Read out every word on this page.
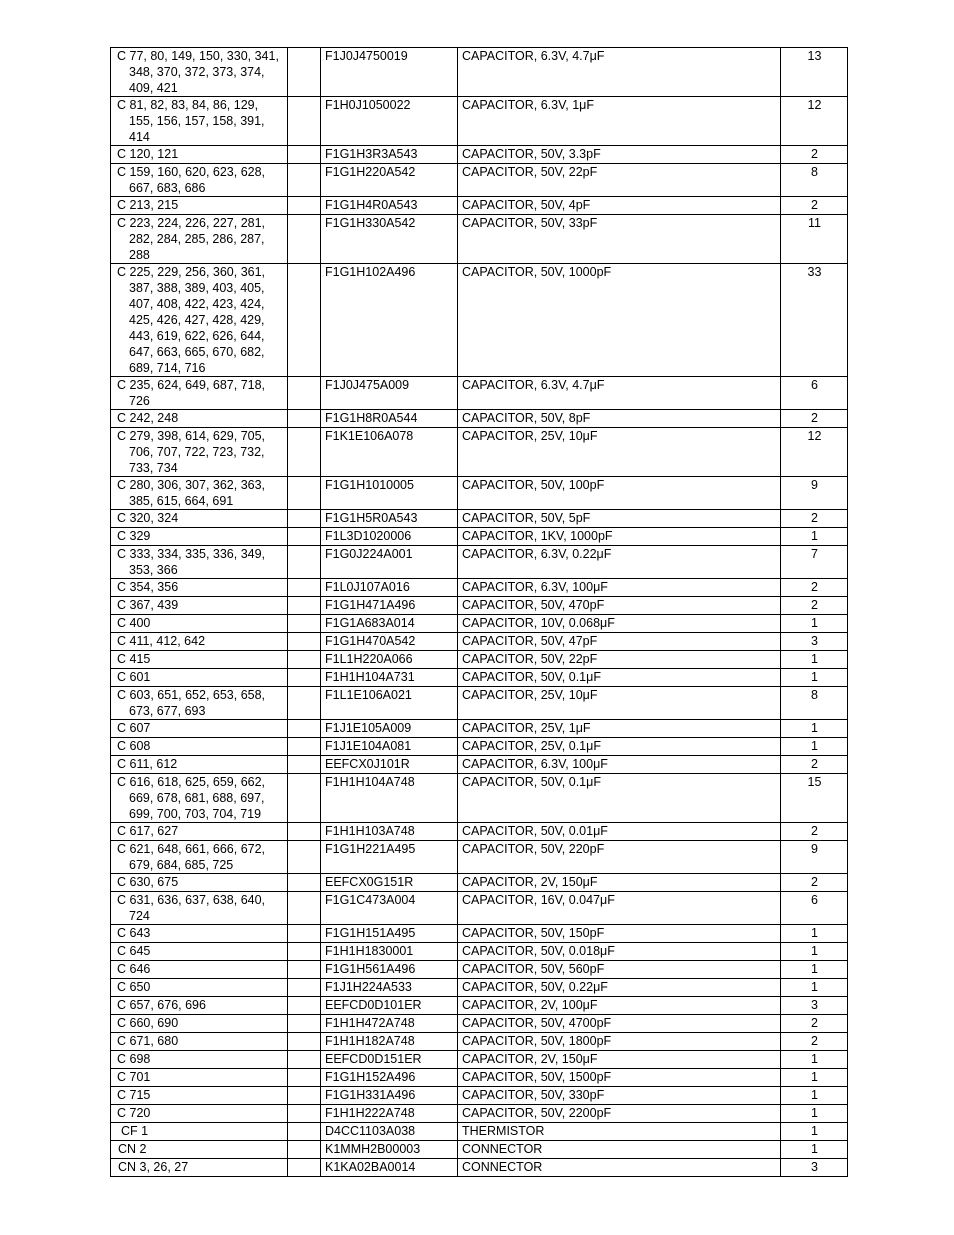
C 77, 80, 149, 150, 330, 341, 348, 370, 372, 373, 374, 409, 421		F1J0J4750019	CAPACITOR, 6.3V, 4.7μF	13
C 81, 82, 83, 84, 86, 129, 155, 156, 157, 158, 391, 414		F1H0J1050022	CAPACITOR, 6.3V, 1μF	12
C 120, 121		F1G1H3R3A543	CAPACITOR, 50V, 3.3pF	2
C 159, 160, 620, 623, 628, 667, 683, 686		F1G1H220A542	CAPACITOR, 50V, 22pF	8
C 213, 215		F1G1H4R0A543	CAPACITOR, 50V, 4pF	2
C 223, 224, 226, 227, 281, 282, 284, 285, 286, 287, 288		F1G1H330A542	CAPACITOR, 50V, 33pF	11
C 225, 229, 256, 360, 361, 387, 388, 389, 403, 405, 407, 408, 422, 423, 424, 425, 426, 427, 428, 429, 443, 619, 622, 626, 644, 647, 663, 665, 670, 682, 689, 714, 716		F1G1H102A496	CAPACITOR, 50V, 1000pF	33
C 235, 624, 649, 687, 718, 726		F1J0J475A009	CAPACITOR, 6.3V, 4.7μF	6
C 242, 248		F1G1H8R0A544	CAPACITOR, 50V, 8pF	2
C 279, 398, 614, 629, 705, 706, 707, 722, 723, 732, 733, 734		F1K1E106A078	CAPACITOR, 25V, 10μF	12
C 280, 306, 307, 362, 363, 385, 615, 664, 691		F1G1H1010005	CAPACITOR, 50V, 100pF	9
C 320, 324		F1G1H5R0A543	CAPACITOR, 50V, 5pF	2
C 329		F1L3D1020006	CAPACITOR, 1KV, 1000pF	1
C 333, 334, 335, 336, 349, 353, 366		F1G0J224A001	CAPACITOR, 6.3V, 0.22μF	7
C 354, 356		F1L0J107A016	CAPACITOR, 6.3V, 100μF	2
C 367, 439		F1G1H471A496	CAPACITOR, 50V, 470pF	2
C 400		F1G1A683A014	CAPACITOR, 10V, 0.068μF	1
C 411, 412, 642		F1G1H470A542	CAPACITOR, 50V, 47pF	3
C 415		F1L1H220A066	CAPACITOR, 50V, 22pF	1
C 601		F1H1H104A731	CAPACITOR, 50V, 0.1μF	1
C 603, 651, 652, 653, 658, 673, 677, 693		F1L1E106A021	CAPACITOR, 25V, 10μF	8
C 607		F1J1E105A009	CAPACITOR, 25V, 1μF	1
C 608		F1J1E104A081	CAPACITOR, 25V, 0.1μF	1
C 611, 612		EEFCX0J101R	CAPACITOR, 6.3V, 100μF	2
C 616, 618, 625, 659, 662, 669, 678, 681, 688, 697, 699, 700, 703, 704, 719		F1H1H104A748	CAPACITOR, 50V, 0.1μF	15
C 617, 627		F1H1H103A748	CAPACITOR, 50V, 0.01μF	2
C 621, 648, 661, 666, 672, 679, 684, 685, 725		F1G1H221A495	CAPACITOR, 50V, 220pF	9
C 630, 675		EEFCX0G151R	CAPACITOR, 2V, 150μF	2
C 631, 636, 637, 638, 640, 724		F1G1C473A004	CAPACITOR, 16V, 0.047μF	6
C 643		F1G1H151A495	CAPACITOR, 50V, 150pF	1
C 645		F1H1H1830001	CAPACITOR, 50V, 0.018μF	1
C 646		F1G1H561A496	CAPACITOR, 50V, 560pF	1
C 650		F1J1H224A533	CAPACITOR, 50V, 0.22μF	1
C 657, 676, 696		EEFCD0D101ER	CAPACITOR, 2V, 100μF	3
C 660, 690		F1H1H472A748	CAPACITOR, 50V, 4700pF	2
C 671, 680		F1H1H182A748	CAPACITOR, 50V, 1800pF	2
C 698		EEFCD0D151ER	CAPACITOR, 2V, 150μF	1
C 701		F1G1H152A496	CAPACITOR, 50V, 1500pF	1
C 715		F1G1H331A496	CAPACITOR, 50V, 330pF	1
C 720		F1H1H222A748	CAPACITOR, 50V, 2200pF	1
CF 1		D4CC1103A038	THERMISTOR	1
CN 2		K1MMH2B00003	CONNECTOR	1
CN 3, 26, 27		K1KA02BA0014	CONNECTOR	3
